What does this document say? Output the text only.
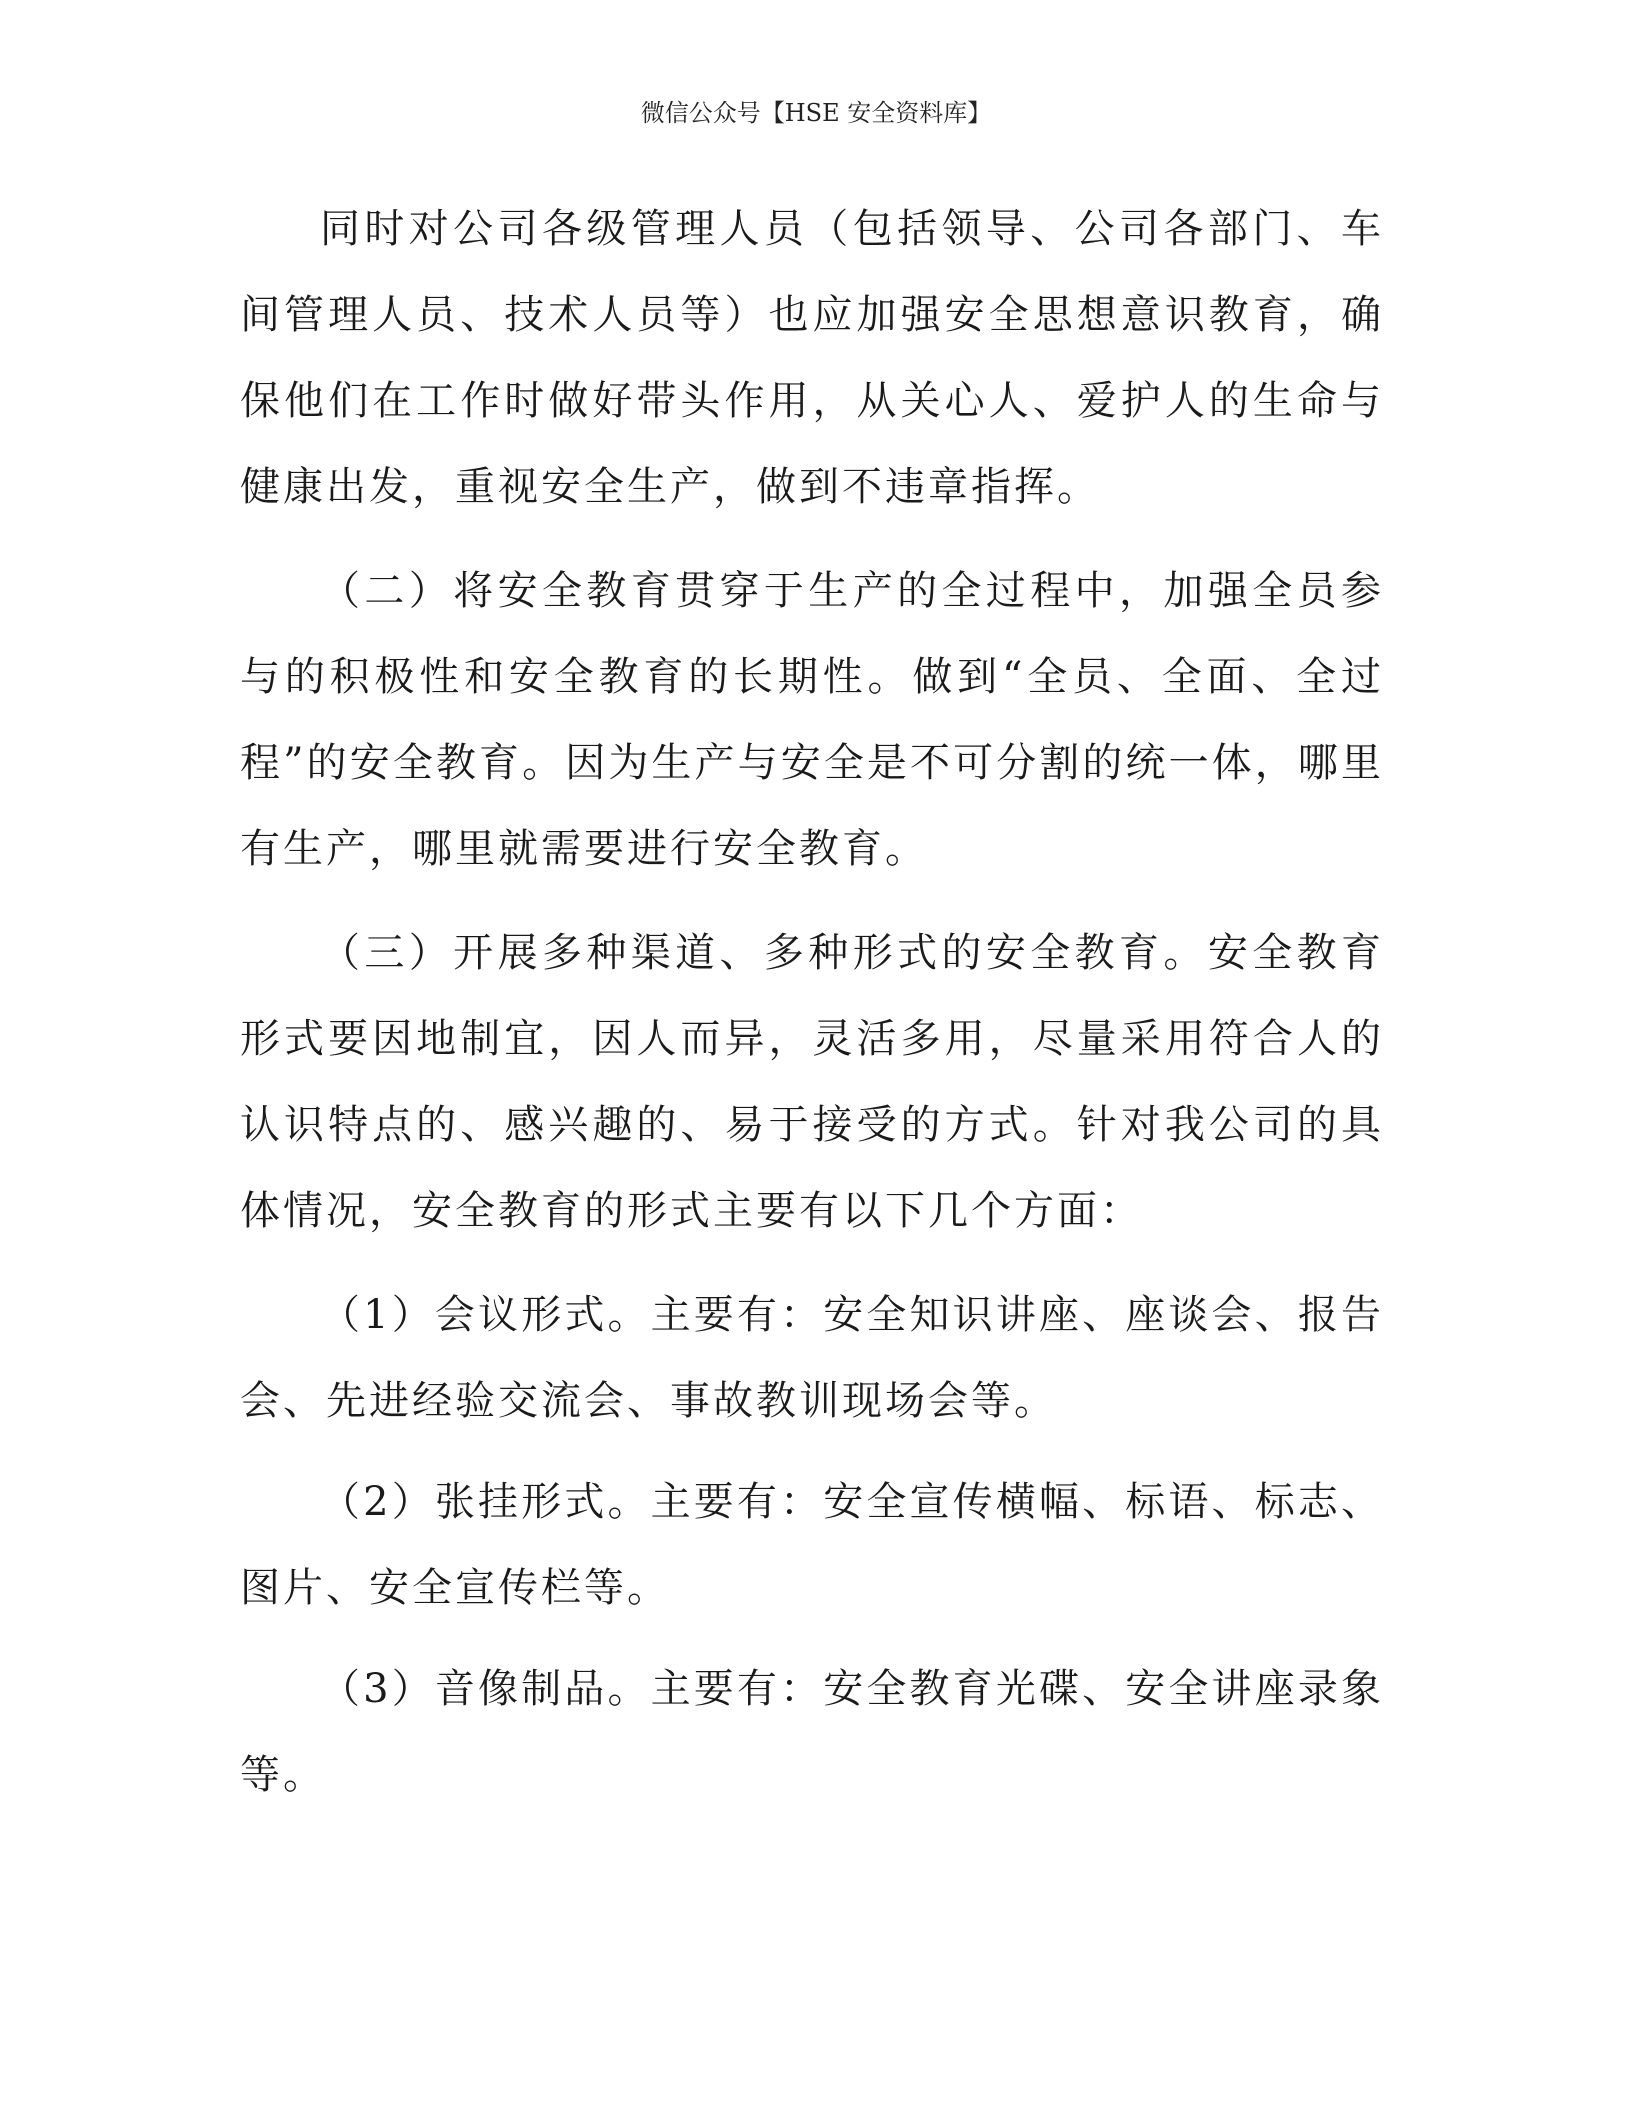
微信公众号【HSE 安全资料库】

同时对公司各级管理人员（包括领导、公司各部门、车间管理人员、技术人员等）也应加强安全思想意识教育，确保他们在工作时做好带头作用，从关心人、爱护人的生命与健康出发，重视安全生产，做到不违章指挥。

（二）将安全教育贯穿于生产的全过程中，加强全员参与的积极性和安全教育的长期性。做到“全员、全面、全过程”的安全教育。因为生产与安全是不可分割的统一体，哪里有生产，哪里就需要进行安全教育。

（三）开展多种渠道、多种形式的安全教育。安全教育形式要因地制宜，因人而异，灵活多用，尽量采用符合人的认识特点的、感兴趣的、易于接受的方式。针对我公司的具体情况，安全教育的形式主要有以下几个方面：

（1）会议形式。主要有：安全知识讲座、座谈会、报告会、先进经验交流会、事故教训现场会等。

（2）张挂形式。主要有：安全宣传横幅、标语、标志、图片、安全宣传栏等。

（3）音像制品。主要有：安全教育光碟、安全讲座录象等。
